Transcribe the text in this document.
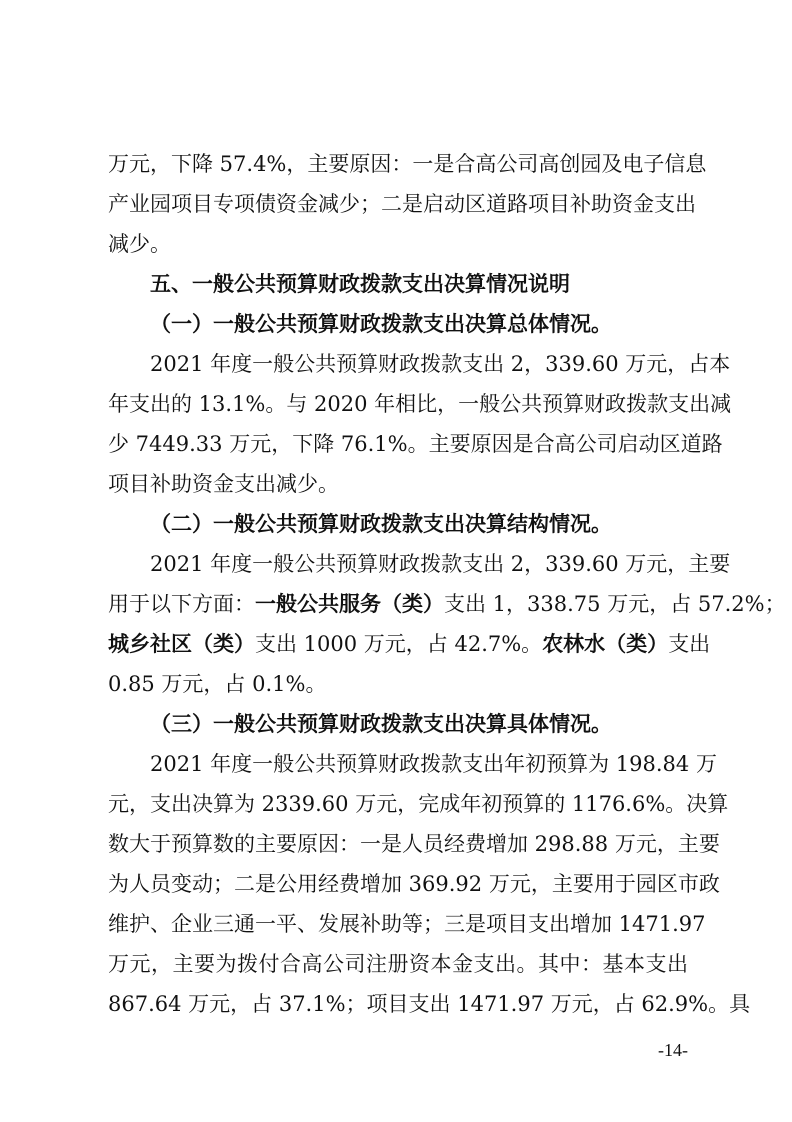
万元，下降 57.4%，主要原因：一是合高公司高创园及电子信息
产业园项目专项债资金减少；二是启动区道路项目补助资金支出
减少。
五、一般公共预算财政拨款支出决算情况说明
（一）一般公共预算财政拨款支出决算总体情况。
2021 年度一般公共预算财政拨款支出 2，339.60 万元，占本
年支出的 13.1%。与 2020 年相比，一般公共预算财政拨款支出减
少 7449.33 万元，下降 76.1%。主要原因是合高公司启动区道路
项目补助资金支出减少。
（二）一般公共预算财政拨款支出决算结构情况。
2021 年度一般公共预算财政拨款支出 2，339.60 万元，主要
用于以下方面：一般公共服务（类）支出 1，338.75 万元，占 57.2%；
城乡社区（类）支出 1000 万元，占 42.7%。农林水（类）支出
0.85 万元，占 0.1%。
（三）一般公共预算财政拨款支出决算具体情况。
2021 年度一般公共预算财政拨款支出年初预算为 198.84 万
元，支出决算为 2339.60 万元，完成年初预算的 1176.6%。决算
数大于预算数的主要原因：一是人员经费增加 298.88 万元，主要
为人员变动；二是公用经费增加 369.92 万元，主要用于园区市政
维护、企业三通一平、发展补助等；三是项目支出增加 1471.97
万元，主要为拨付合高公司注册资本金支出。其中：基本支出
867.64 万元，占 37.1%；项目支出 1471.97 万元，占 62.9%。具
-14-
